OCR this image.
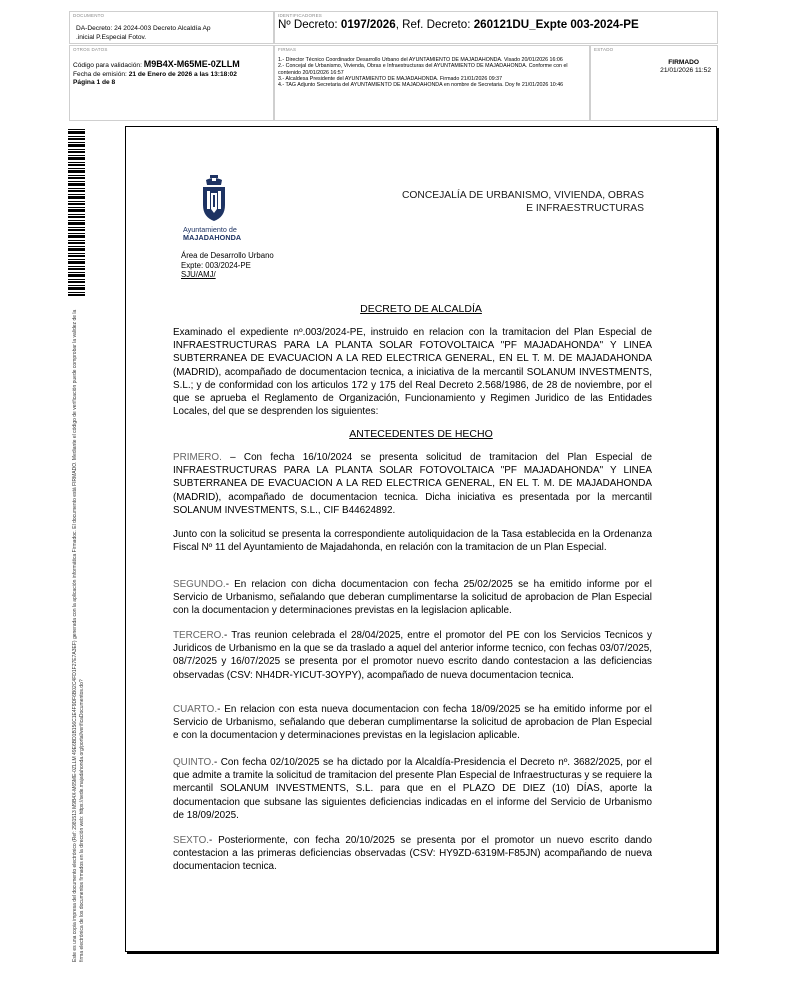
DOCUMENTO
DA-Decreto: 24 2024-003 Decreto Alcaldía Ap
.inicial P.Especial Fotov.
IDENTIFICADORES
Nº Decreto: 0197/2026, Ref. Decreto: 260121DU_Expte 003-2024-PE
OTROS DATOS
Código para validación: M9B4X-M65ME-0ZLLM
Fecha de emisión: 21 de Enero de 2026 a las 13:18:02
Página 1 de 8
FIRMAS
1.- Director Técnico Coordinador Desarrollo Urbano del AYUNTAMIENTO DE MAJADAHONDA. Visado 20/01/2026 16:06
2.- Concejal de Urbanismo, Vivienda, Obras e Infraestructuras del AYUNTAMIENTO DE MAJADAHONDA. Conforme con el contenido 20/01/2026 16:57
3.- Alcaldesa Presidente del AYUNTAMIENTO DE MAJADAHONDA. Firmado 21/01/2026 09:37
4.- TAG Adjunto Secretaria del AYUNTAMIENTO DE MAJADAHONDA en nombre de Secretaria. Doy fe 21/01/2026 10:46
ESTADO
FIRMADO
21/01/2026 11:52
Este es una copia impresa del documento electrónico (Ref: 2981513 M9B4X-M65ME-0ZLLM 49E6BD1B156C1E4F9DF6B02C4FD1F27E7A3EF) generada con la aplicación informática Firmadoc. El documento está FIRMADO. Mediante el código de verificación puede comprobar la validez de la firma electrónica de los documentos firmados en la dirección web: https://sede.majadahonda.org/portal/verificaDocumentos.do?
Ayuntamiento de
MAJADAHONDA
CONCEJALÍA DE URBANISMO, VIVIENDA, OBRAS
E INFRAESTRUCTURAS
Área de Desarrollo Urbano
Expte: 003/2024-PE
SJU/AMJ/
DECRETO DE ALCALDÍA
Examinado el expediente nº.003/2024-PE, instruido en relacion con la tramitacion del Plan Especial de INFRAESTRUCTURAS PARA LA PLANTA SOLAR FOTOVOLTAICA "PF MAJADAHONDA" Y LINEA SUBTERRANEA DE EVACUACION A LA RED ELECTRICA GENERAL, EN EL T. M. DE MAJADAHONDA (MADRID), acompañado de documentacion tecnica, a iniciativa de la mercantil SOLANUM INVESTMENTS, S.L.; y de conformidad con los articulos 172 y 175 del Real Decreto 2.568/1986, de 28 de noviembre, por el que se aprueba el Reglamento de Organización, Funcionamiento y Regimen Juridico de las Entidades Locales, del que se desprenden los siguientes:
ANTECEDENTES DE HECHO
PRIMERO. – Con fecha 16/10/2024 se presenta solicitud de tramitacion del Plan Especial de INFRAESTRUCTURAS PARA LA PLANTA SOLAR FOTOVOLTAICA "PF MAJADAHONDA" Y LINEA SUBTERRANEA DE EVACUACION A LA RED ELECTRICA GENERAL, EN EL T. M. DE MAJADAHONDA (MADRID), acompañado de documentacion tecnica. Dicha iniciativa es presentada por la mercantil SOLANUM INVESTMENTS, S.L., CIF B44624892.
Junto con la solicitud se presenta la correspondiente autoliquidacion de la Tasa establecida en la Ordenanza Fiscal Nº 11 del Ayuntamiento de Majadahonda, en relación con la tramitacion de un Plan Especial.
SEGUNDO.- En relacion con dicha documentacion con fecha 25/02/2025 se ha emitido informe por el Servicio de Urbanismo, señalando que deberan cumplimentarse la solicitud de aprobacion de Plan Especial con la documentacion y determinaciones previstas en la legislacion aplicable.
TERCERO.- Tras reunion celebrada el 28/04/2025, entre el promotor del PE con los Servicios Tecnicos y Juridicos de Urbanismo en la que se da traslado a aquel del anterior informe tecnico, con fechas 03/07/2025, 08/7/2025 y 16/07/2025 se presenta por el promotor nuevo escrito dando contestacion a las deficiencias observadas (CSV: NH4DR-YICUT-3OYPY), acompañado de nueva documentacion tecnica.
CUARTO.- En relacion con esta nueva documentacion con fecha 18/09/2025 se ha emitido informe por el Servicio de Urbanismo, señalando que deberan cumplimentarse la solicitud de aprobacion de Plan Especial e con la documentacion y determinaciones previstas en la legislacion aplicable.
QUINTO.- Con fecha 02/10/2025 se ha dictado por la Alcaldía-Presidencia el Decreto nº. 3682/2025, por el que admite a tramite la solicitud de tramitacion del presente Plan Especial de Infraestructuras y se requiere la mercantil SOLANUM INVESTMENTS, S.L. para que en el PLAZO DE DIEZ (10) DÍAS, aporte la documentacion que subsane las siguientes deficiencias indicadas en el informe del Servicio de Urbanismo de 18/09/2025.
SEXTO.- Posteriormente, con fecha 20/10/2025 se presenta por el promotor un nuevo escrito dando contestacion a las primeras deficiencias observadas (CSV: HY9ZD-6319M-F85JN) acompañando de nueva documentacion tecnica.
